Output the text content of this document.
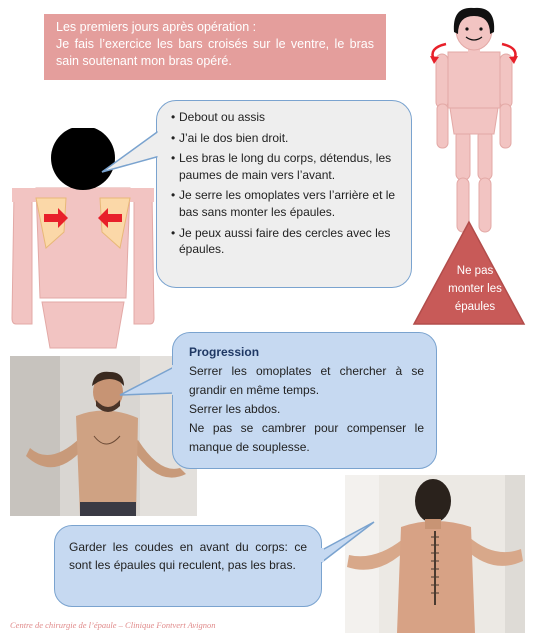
Les premiers jours après opération :
Je fais l’exercice les bars croisés sur le ventre, le bras sain soutenant mon bras opéré.
• Debout ou assis
• J’ai le dos bien droit.
• Les bras le long du corps, détendus, les paumes de main vers l’avant.
• Je serre les omoplates vers l’arrière et le bas sans monter les épaules.
• Je peux aussi faire des cercles avec les épaules.
Ne pas
monter les
épaules
Progression
Serrer les omoplates et chercher à se grandir en même temps.
Serrer les abdos.
Ne pas se cambrer pour compenser le manque de souplesse.
Garder les coudes en avant du corps: ce sont les épaules qui reculent, pas les bras.
Centre de chirurgie de l’épaule – Clinique Fontvert Avignon
